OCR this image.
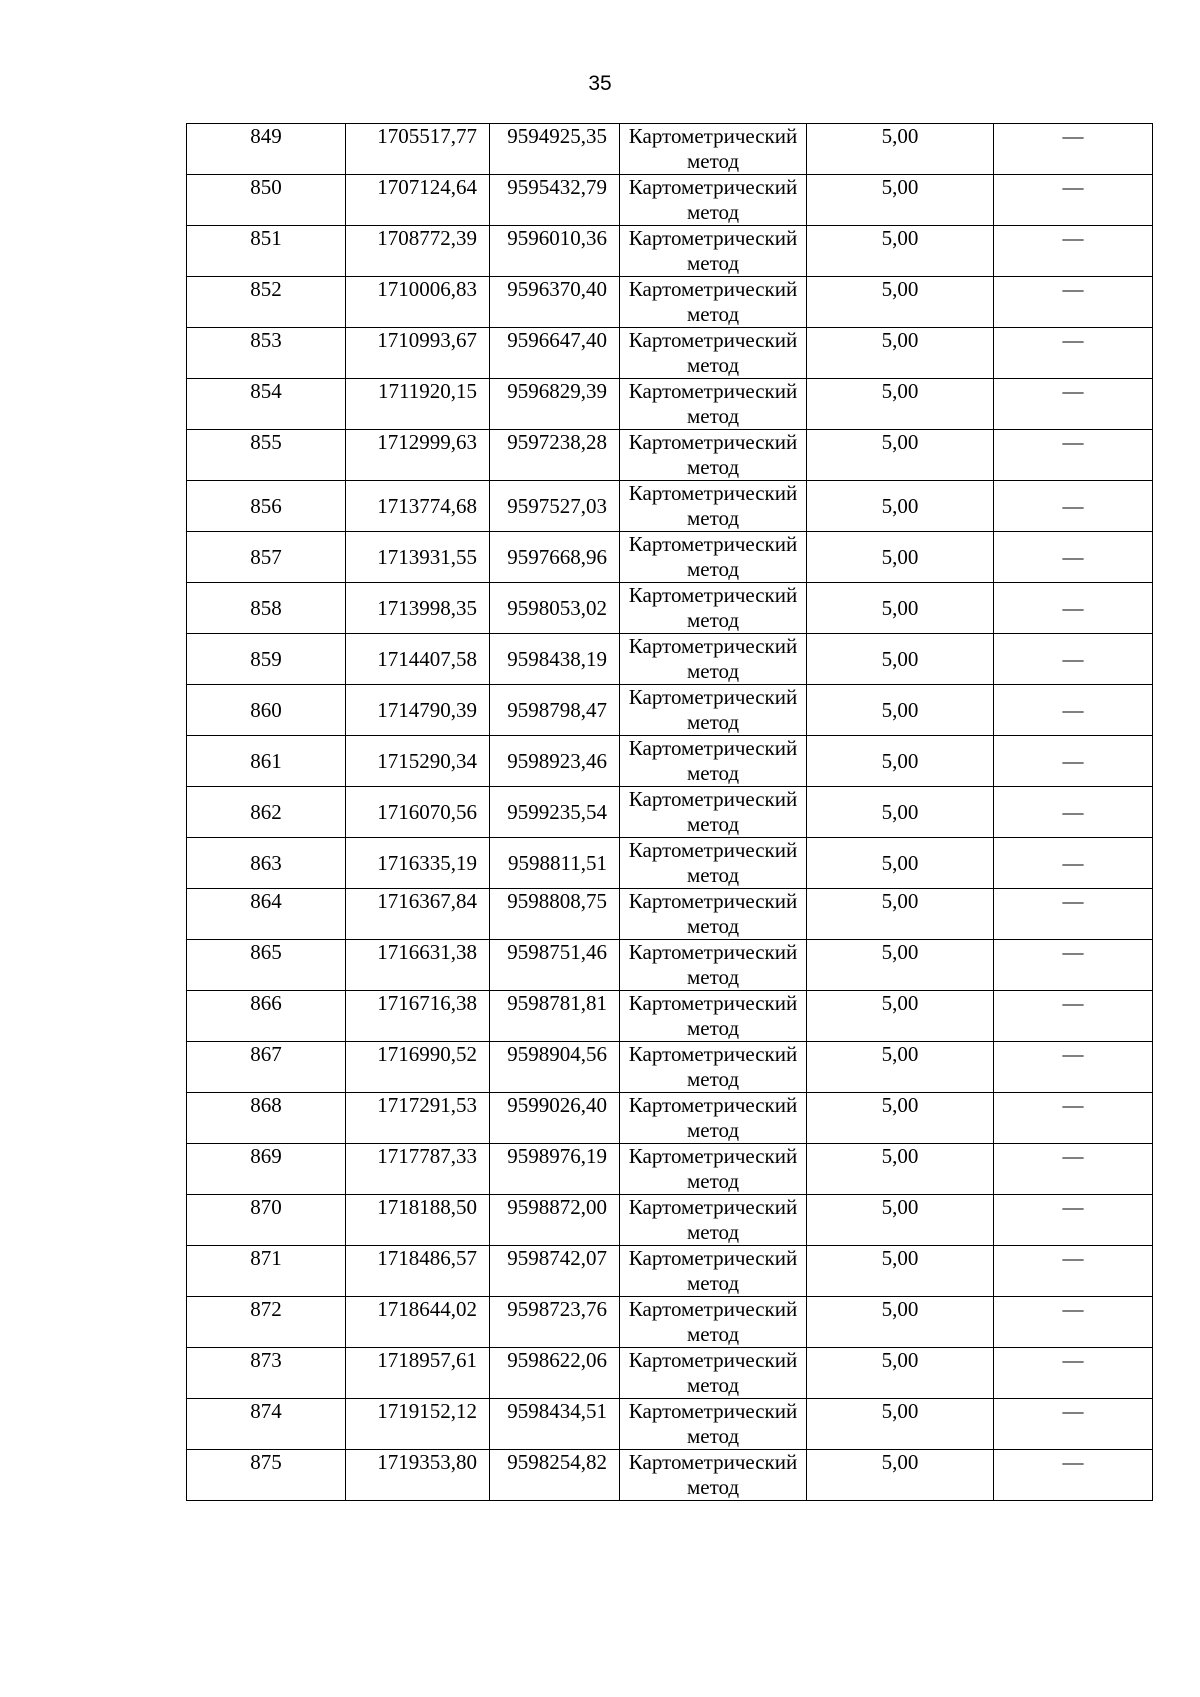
35
849	1705517,77	9594925,35	Картометрический метод	5,00	—
850	1707124,64	9595432,79	Картометрический метод	5,00	—
851	1708772,39	9596010,36	Картометрический метод	5,00	—
852	1710006,83	9596370,40	Картометрический метод	5,00	—
853	1710993,67	9596647,40	Картометрический метод	5,00	—
854	1711920,15	9596829,39	Картометрический метод	5,00	—
855	1712999,63	9597238,28	Картометрический метод	5,00	—
856	1713774,68	9597527,03	Картометрический метод	5,00	—
857	1713931,55	9597668,96	Картометрический метод	5,00	—
858	1713998,35	9598053,02	Картометрический метод	5,00	—
859	1714407,58	9598438,19	Картометрический метод	5,00	—
860	1714790,39	9598798,47	Картометрический метод	5,00	—
861	1715290,34	9598923,46	Картометрический метод	5,00	—
862	1716070,56	9599235,54	Картометрический метод	5,00	—
863	1716335,19	9598811,51	Картометрический метод	5,00	—
864	1716367,84	9598808,75	Картометрический метод	5,00	—
865	1716631,38	9598751,46	Картометрический метод	5,00	—
866	1716716,38	9598781,81	Картометрический метод	5,00	—
867	1716990,52	9598904,56	Картометрический метод	5,00	—
868	1717291,53	9599026,40	Картометрический метод	5,00	—
869	1717787,33	9598976,19	Картометрический метод	5,00	—
870	1718188,50	9598872,00	Картометрический метод	5,00	—
871	1718486,57	9598742,07	Картометрический метод	5,00	—
872	1718644,02	9598723,76	Картометрический метод	5,00	—
873	1718957,61	9598622,06	Картометрический метод	5,00	—
874	1719152,12	9598434,51	Картометрический метод	5,00	—
875	1719353,80	9598254,82	Картометрический метод	5,00	—
